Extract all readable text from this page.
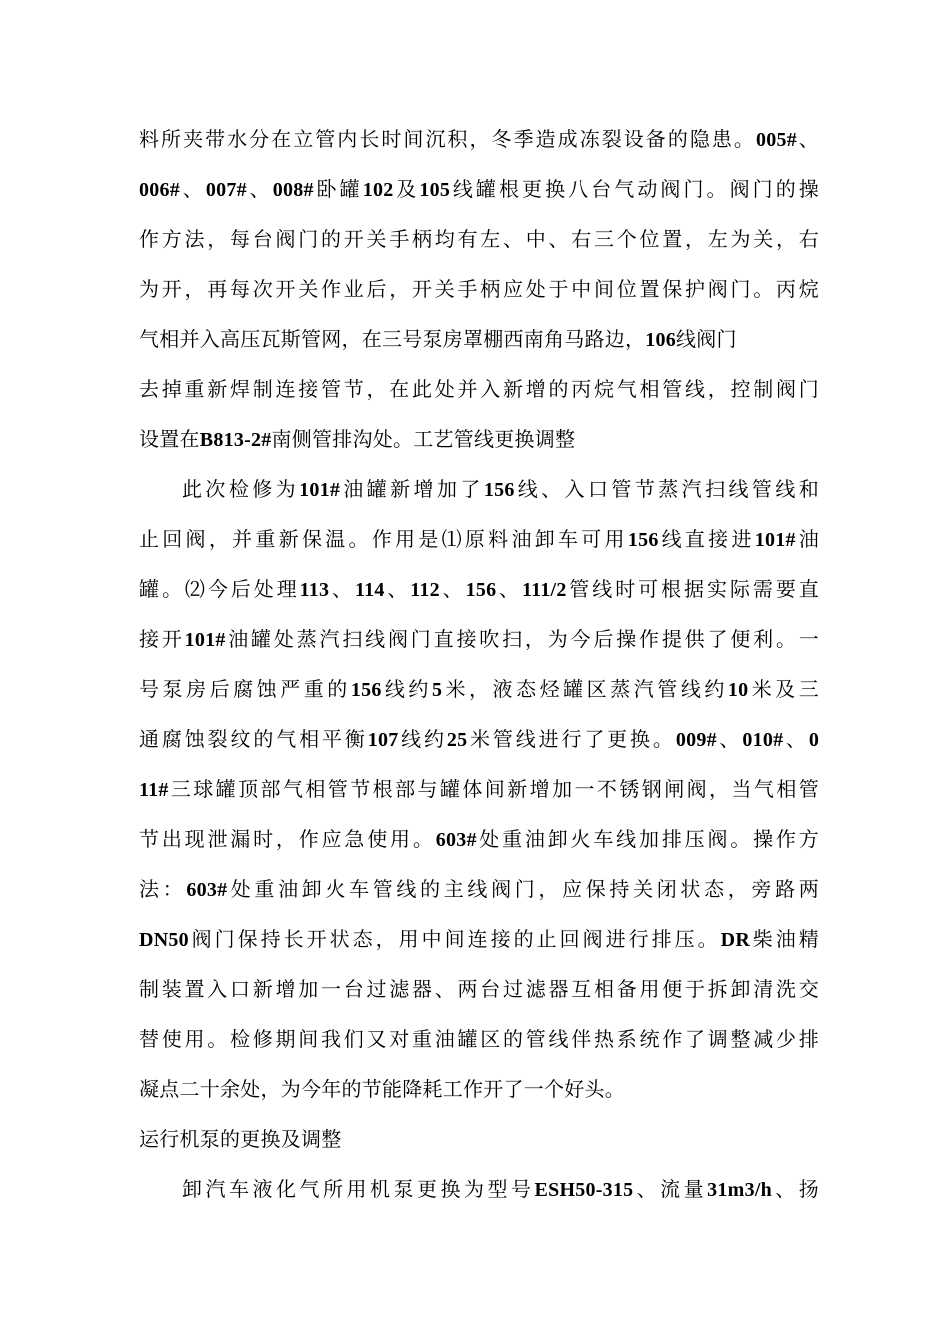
料所夹带水分在立管内长时间沉积，冬季造成冻裂设备的隐患。005#、
006#、007#、008#卧罐102及105线罐根更换八台气动阀门。阀门的操
作方法，每台阀门的开关手柄均有左、中、右三个位置，左为关，右
为开，再每次开关作业后，开关手柄应处于中间位置保护阀门。丙烷
气相并入高压瓦斯管网，在三号泵房罩棚西南角马路边，106线阀门
去掉重新焊制连接管节，在此处并入新增的丙烷气相管线，控制阀门
设置在B813-2#南侧管排沟处。工艺管线更换调整
此次检修为101#油罐新增加了156线、入口管节蒸汽扫线管线和
止回阀，并重新保温。作用是⑴原料油卸车可用156线直接进101#油
罐。⑵今后处理113、114、112、156、111/2管线时可根据实际需要直
接开101#油罐处蒸汽扫线阀门直接吹扫，为今后操作提供了便利。一
号泵房后腐蚀严重的156线约5米，液态烃罐区蒸汽管线约10米及三
通腐蚀裂纹的气相平衡107线约25米管线进行了更换。009#、010#、0
11#三球罐顶部气相管节根部与罐体间新增加一不锈钢闸阀，当气相管
节出现泄漏时，作应急使用。603#处重油卸火车线加排压阀。操作方
法：603#处重油卸火车管线的主线阀门，应保持关闭状态，旁路两
DN50阀门保持长开状态，用中间连接的止回阀进行排压。DR柴油精
制装置入口新增加一台过滤器、两台过滤器互相备用便于拆卸清洗交
替使用。检修期间我们又对重油罐区的管线伴热系统作了调整减少排
凝点二十余处，为今年的节能降耗工作开了一个好头。
运行机泵的更换及调整
卸汽车液化气所用机泵更换为型号ESH50-315、流量31m3/h、扬
